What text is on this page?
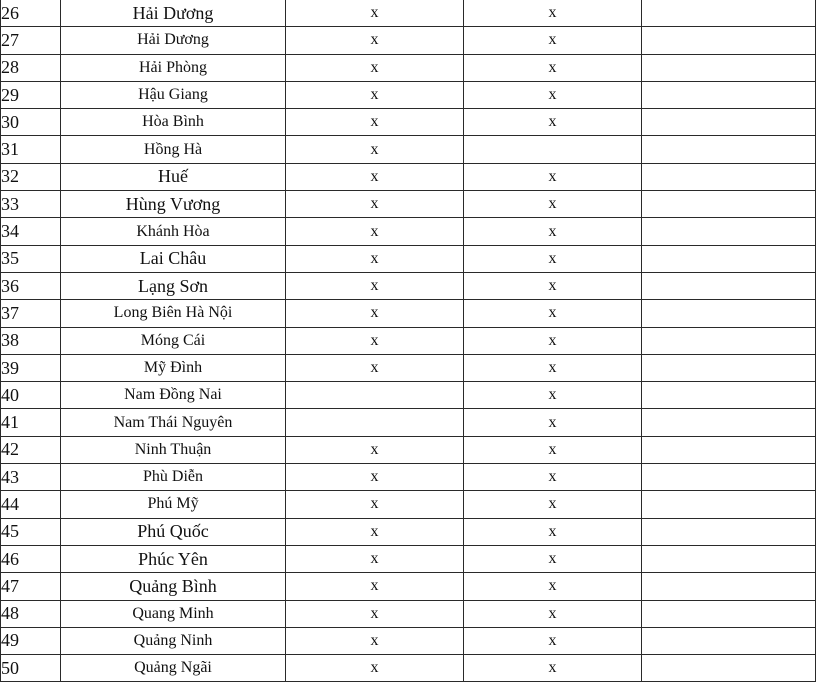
26	Hải Dương	x	x	
27	Hải Dương	x	x	
28	Hải Phòng	x	x	
29	Hậu Giang	x	x	
30	Hòa Bình	x	x	
31	Hồng Hà	x		
32	Huế	x	x	
33	Hùng Vương	x	x	
34	Khánh Hòa	x	x	
35	Lai Châu	x	x	
36	Lạng Sơn	x	x	
37	Long Biên Hà Nội	x	x	
38	Móng Cái	x	x	
39	Mỹ Đình	x	x	
40	Nam Đồng Nai		x	
41	Nam Thái Nguyên		x	
42	Ninh Thuận	x	x	
43	Phù Diễn	x	x	
44	Phú Mỹ	x	x	
45	Phú Quốc	x	x	
46	Phúc Yên	x	x	
47	Quảng Bình	x	x	
48	Quang Minh	x	x	
49	Quảng Ninh	x	x	
50	Quảng Ngãi	x	x	
